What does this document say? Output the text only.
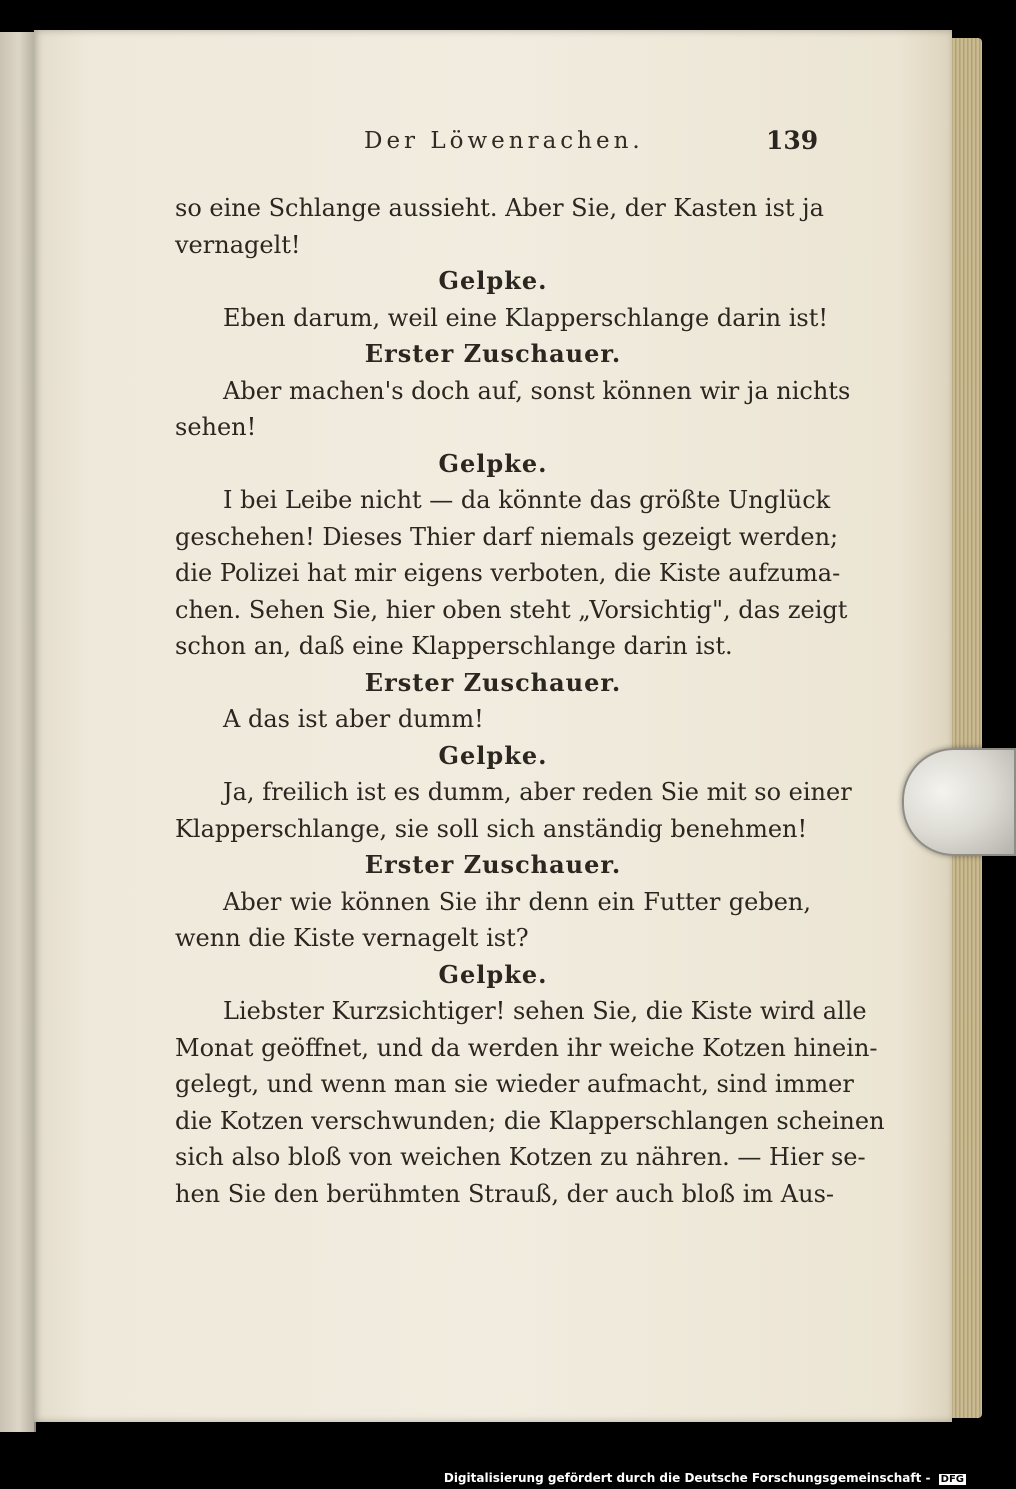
Der Löwenrachen.	139
so eine Schlange aussieht. Aber Sie, der Kasten ist ja
vernagelt!
Gelpke.
Eben darum, weil eine Klapperschlange darin ist!
Erster Zuschauer.
Aber machen's doch auf, sonst können wir ja nichts
sehen!
Gelpke.
I bei Leibe nicht — da könnte das größte Unglück
geschehen! Dieses Thier darf niemals gezeigt werden;
die Polizei hat mir eigens verboten, die Kiste aufzuma-
chen. Sehen Sie, hier oben steht „Vorsichtig", das zeigt
schon an, daß eine Klapperschlange darin ist.
Erster Zuschauer.
A das ist aber dumm!
Gelpke.
Ja, freilich ist es dumm, aber reden Sie mit so einer
Klapperschlange, sie soll sich anständig benehmen!
Erster Zuschauer.
Aber wie können Sie ihr denn ein Futter geben,
wenn die Kiste vernagelt ist?
Gelpke.
Liebster Kurzsichtiger! sehen Sie, die Kiste wird alle
Monat geöffnet, und da werden ihr weiche Kotzen hinein-
gelegt, und wenn man sie wieder aufmacht, sind immer
die Kotzen verschwunden; die Klapperschlangen scheinen
sich also bloß von weichen Kotzen zu nähren. — Hier se-
hen Sie den berühmten Strauß, der auch bloß im Aus-
Digitalisierung gefördert durch die Deutsche Forschungsgemeinschaft - DFG
